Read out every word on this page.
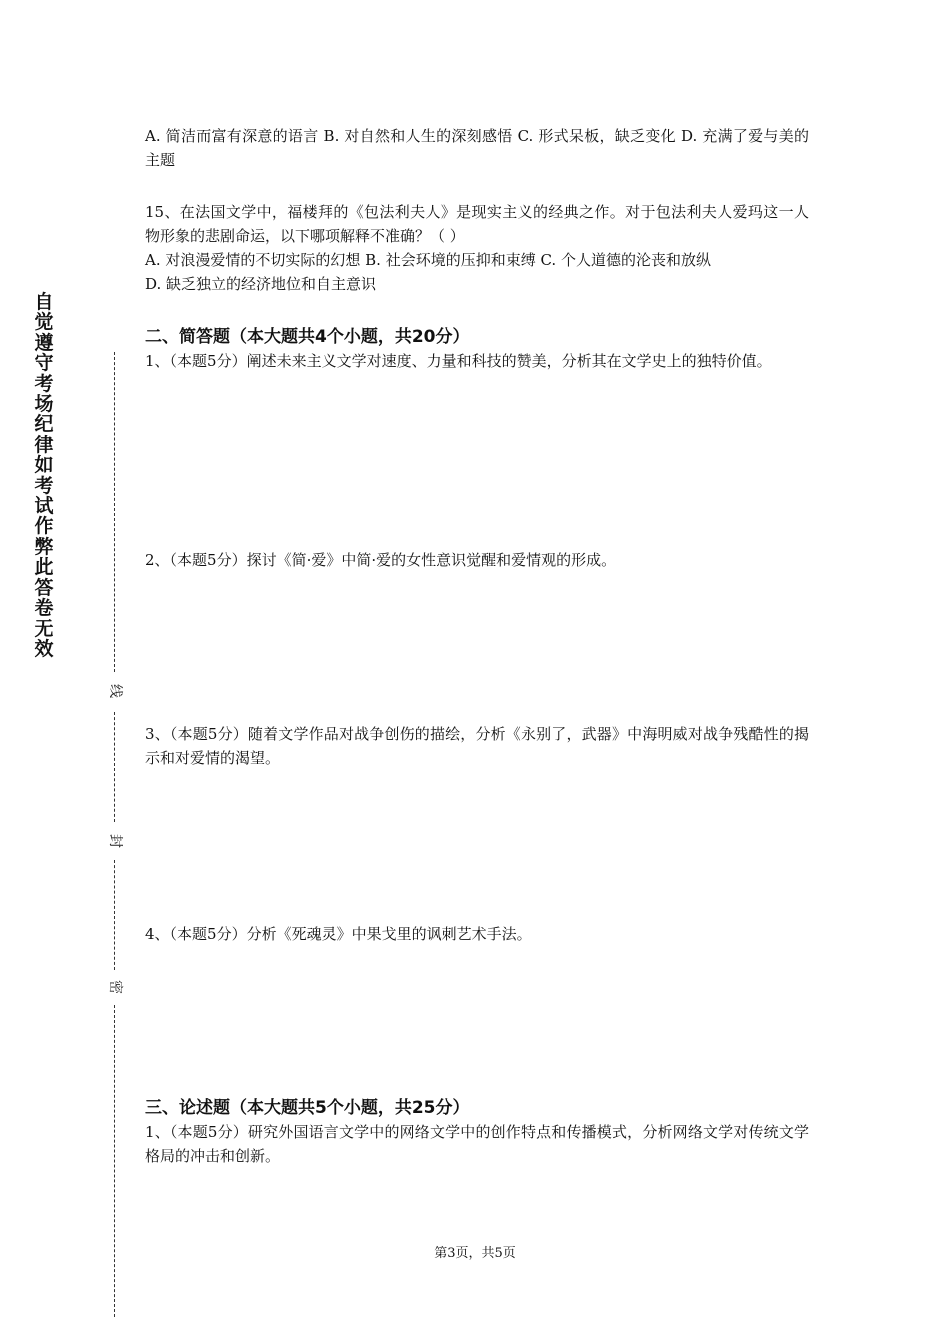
自觉遵守考场纪律如考试作弊此答卷无效
线
封
密

A. 简洁而富有深意的语言 B. 对自然和人生的深刻感悟 C. 形式呆板，缺乏变化 D. 充满了爱与美的主题

15、在法国文学中，福楼拜的《包法利夫人》是现实主义的经典之作。对于包法利夫人爱玛这一人物形象的悲剧命运，以下哪项解释不准确？（ ）

A. 对浪漫爱情的不切实际的幻想 B. 社会环境的压抑和束缚 C. 个人道德的沦丧和放纵

D. 缺乏独立的经济地位和自主意识

二、简答题（本大题共4个小题，共20分）

1、（本题5分）阐述未来主义文学对速度、力量和科技的赞美，分析其在文学史上的独特价值。

2、（本题5分）探讨《简·爱》中简·爱的女性意识觉醒和爱情观的形成。

3、（本题5分）随着文学作品对战争创伤的描绘，分析《永别了，武器》中海明威对战争残酷性的揭示和对爱情的渴望。

4、（本题5分）分析《死魂灵》中果戈里的讽刺艺术手法。

三、论述题（本大题共5个小题，共25分）

1、（本题5分）研究外国语言文学中的网络文学中的创作特点和传播模式，分析网络文学对传统文学格局的冲击和创新。

第3页，共5页
